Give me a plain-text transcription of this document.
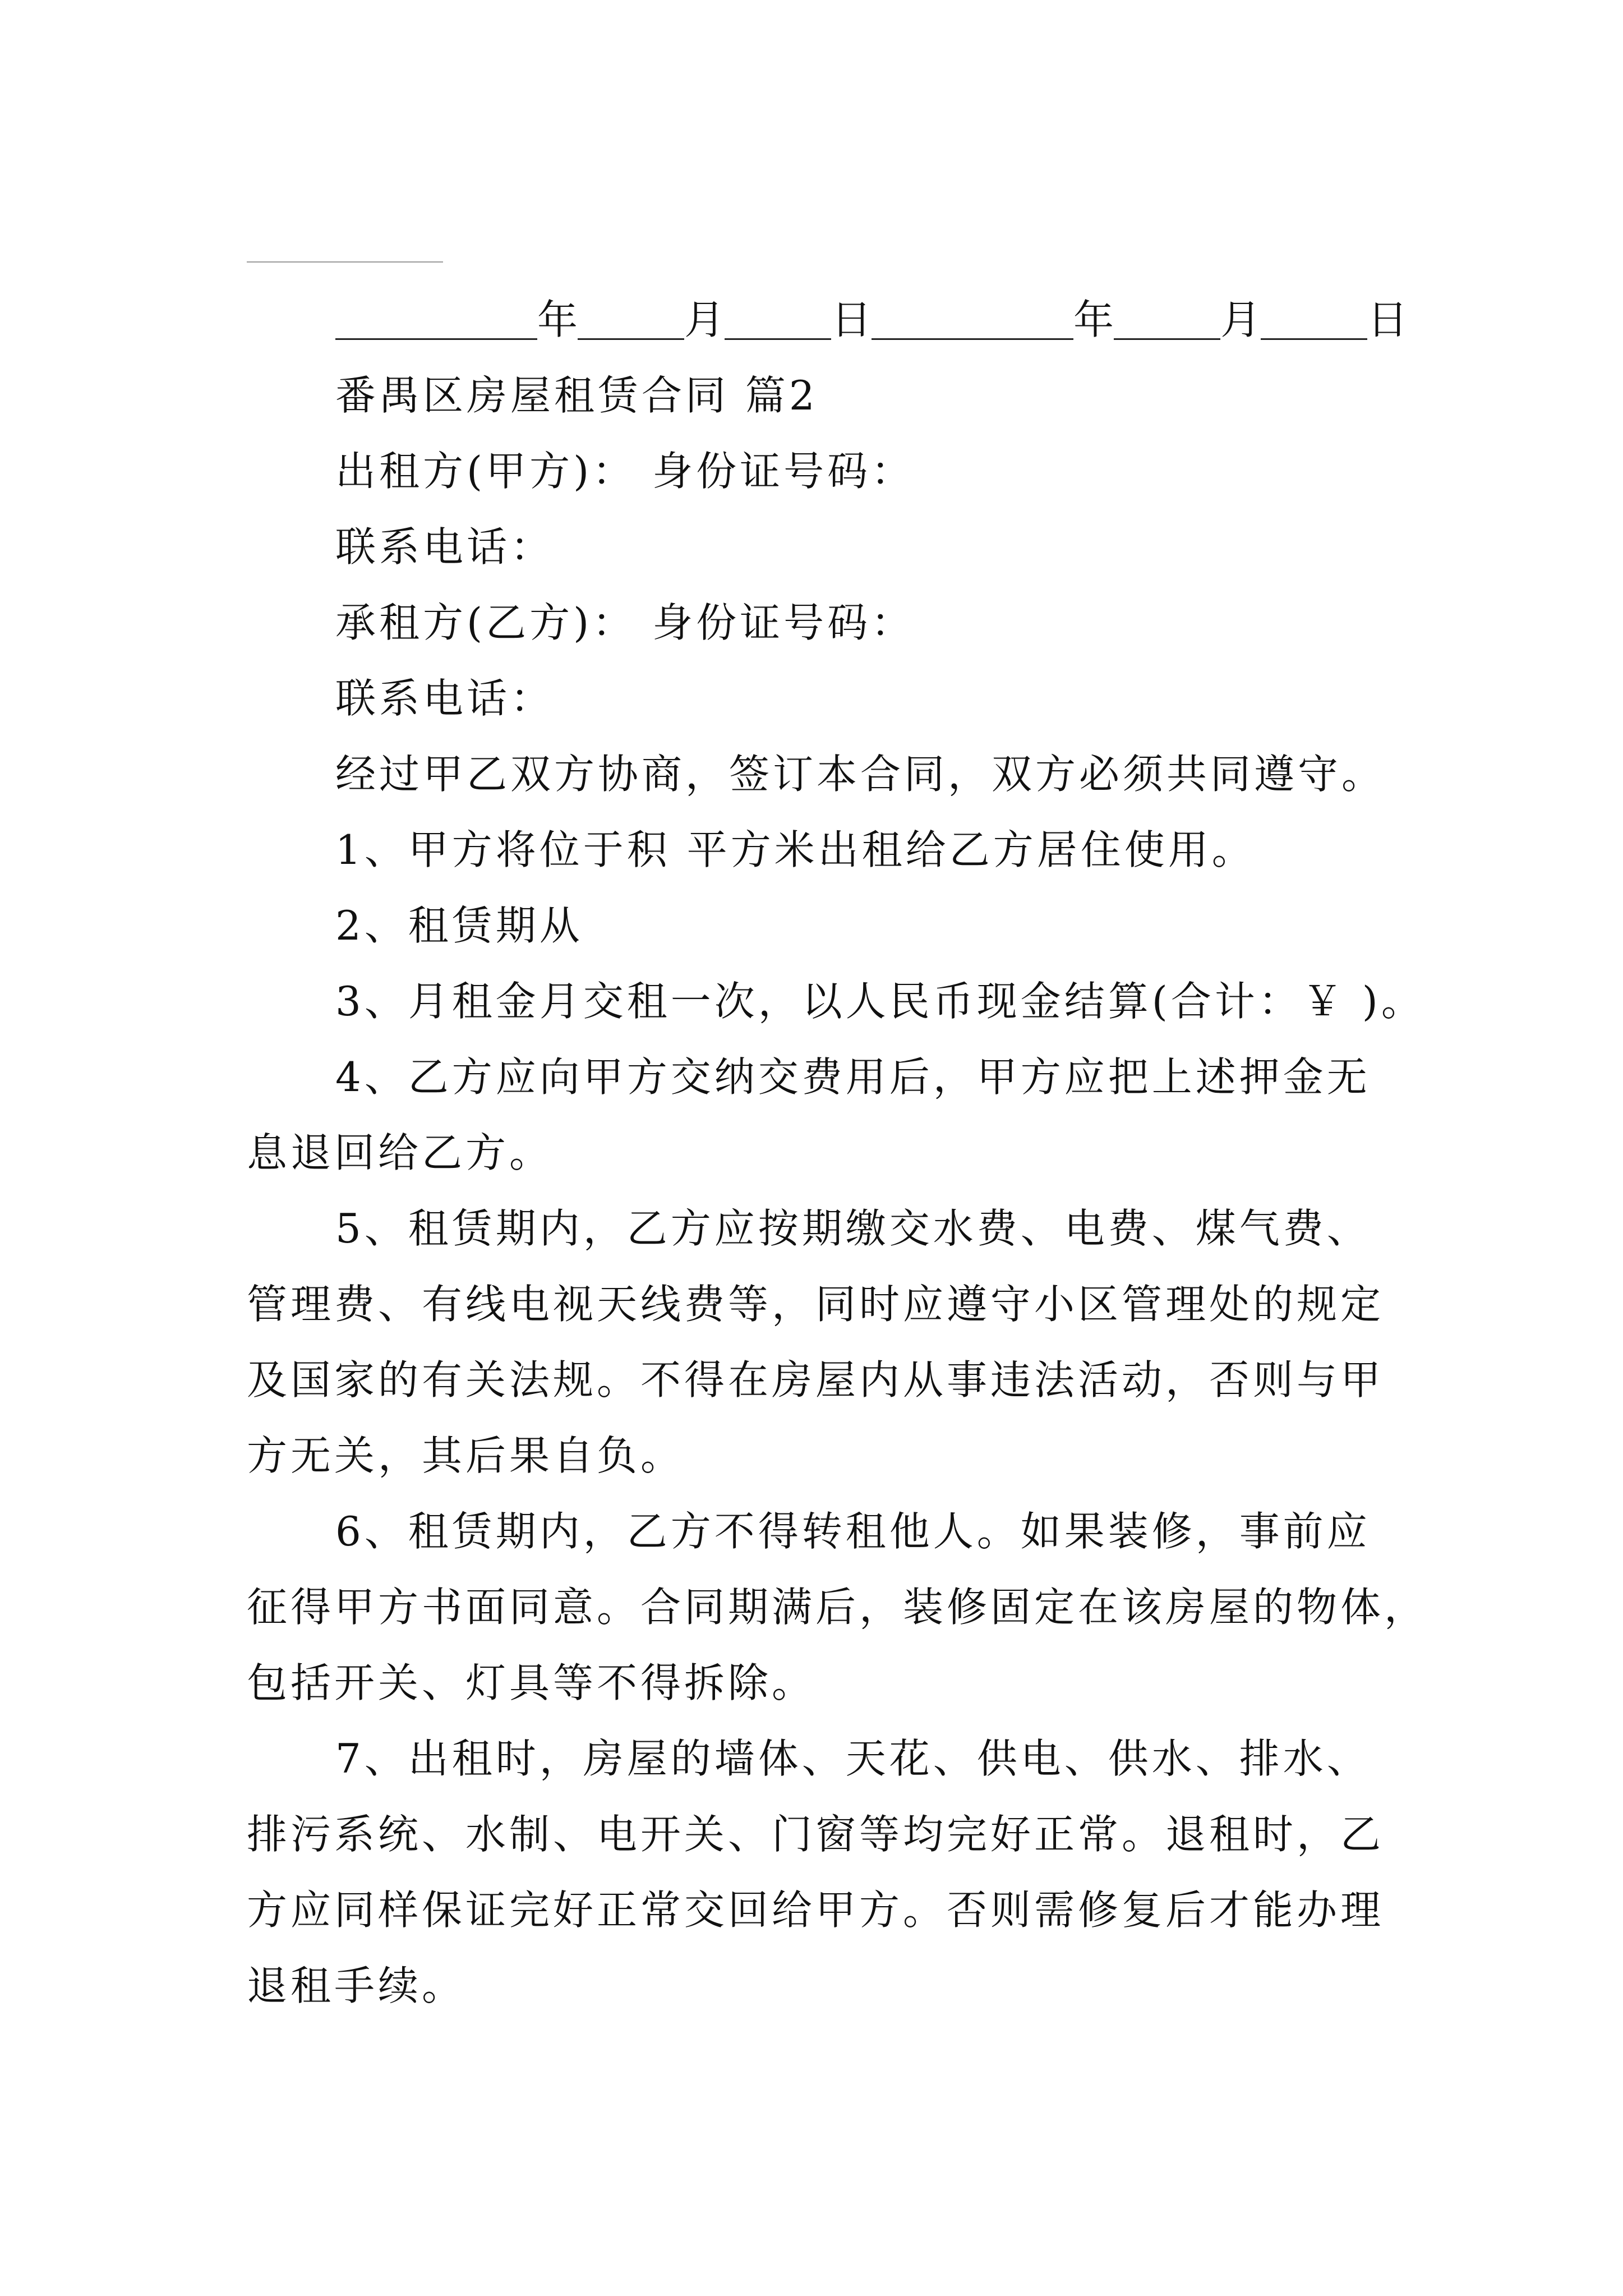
年	月	日	年	月	日
番禺区房屋租赁合同 篇2
出租方(甲方)： 身份证号码：
联系电话：
承租方(乙方)： 身份证号码：
联系电话：
经过甲乙双方协商，签订本合同，双方必须共同遵守。
1、甲方将位于积 平方米出租给乙方居住使用。
2、租赁期从
3、月租金月交租一次，以人民币现金结算(合计：￥ )。
4、乙方应向甲方交纳交费用后，甲方应把上述押金无
息退回给乙方。
5、租赁期内，乙方应按期缴交水费、电费、煤气费、
管理费、有线电视天线费等，同时应遵守小区管理处的规定
及国家的有关法规。不得在房屋内从事违法活动，否则与甲
方无关，其后果自负。
6、租赁期内，乙方不得转租他人。如果装修，事前应
征得甲方书面同意。合同期满后，装修固定在该房屋的物体，
包括开关、灯具等不得拆除。
7、出租时，房屋的墙体、天花、供电、供水、排水、
排污系统、水制、电开关、门窗等均完好正常。退租时，乙
方应同样保证完好正常交回给甲方。否则需修复后才能办理
退租手续。
